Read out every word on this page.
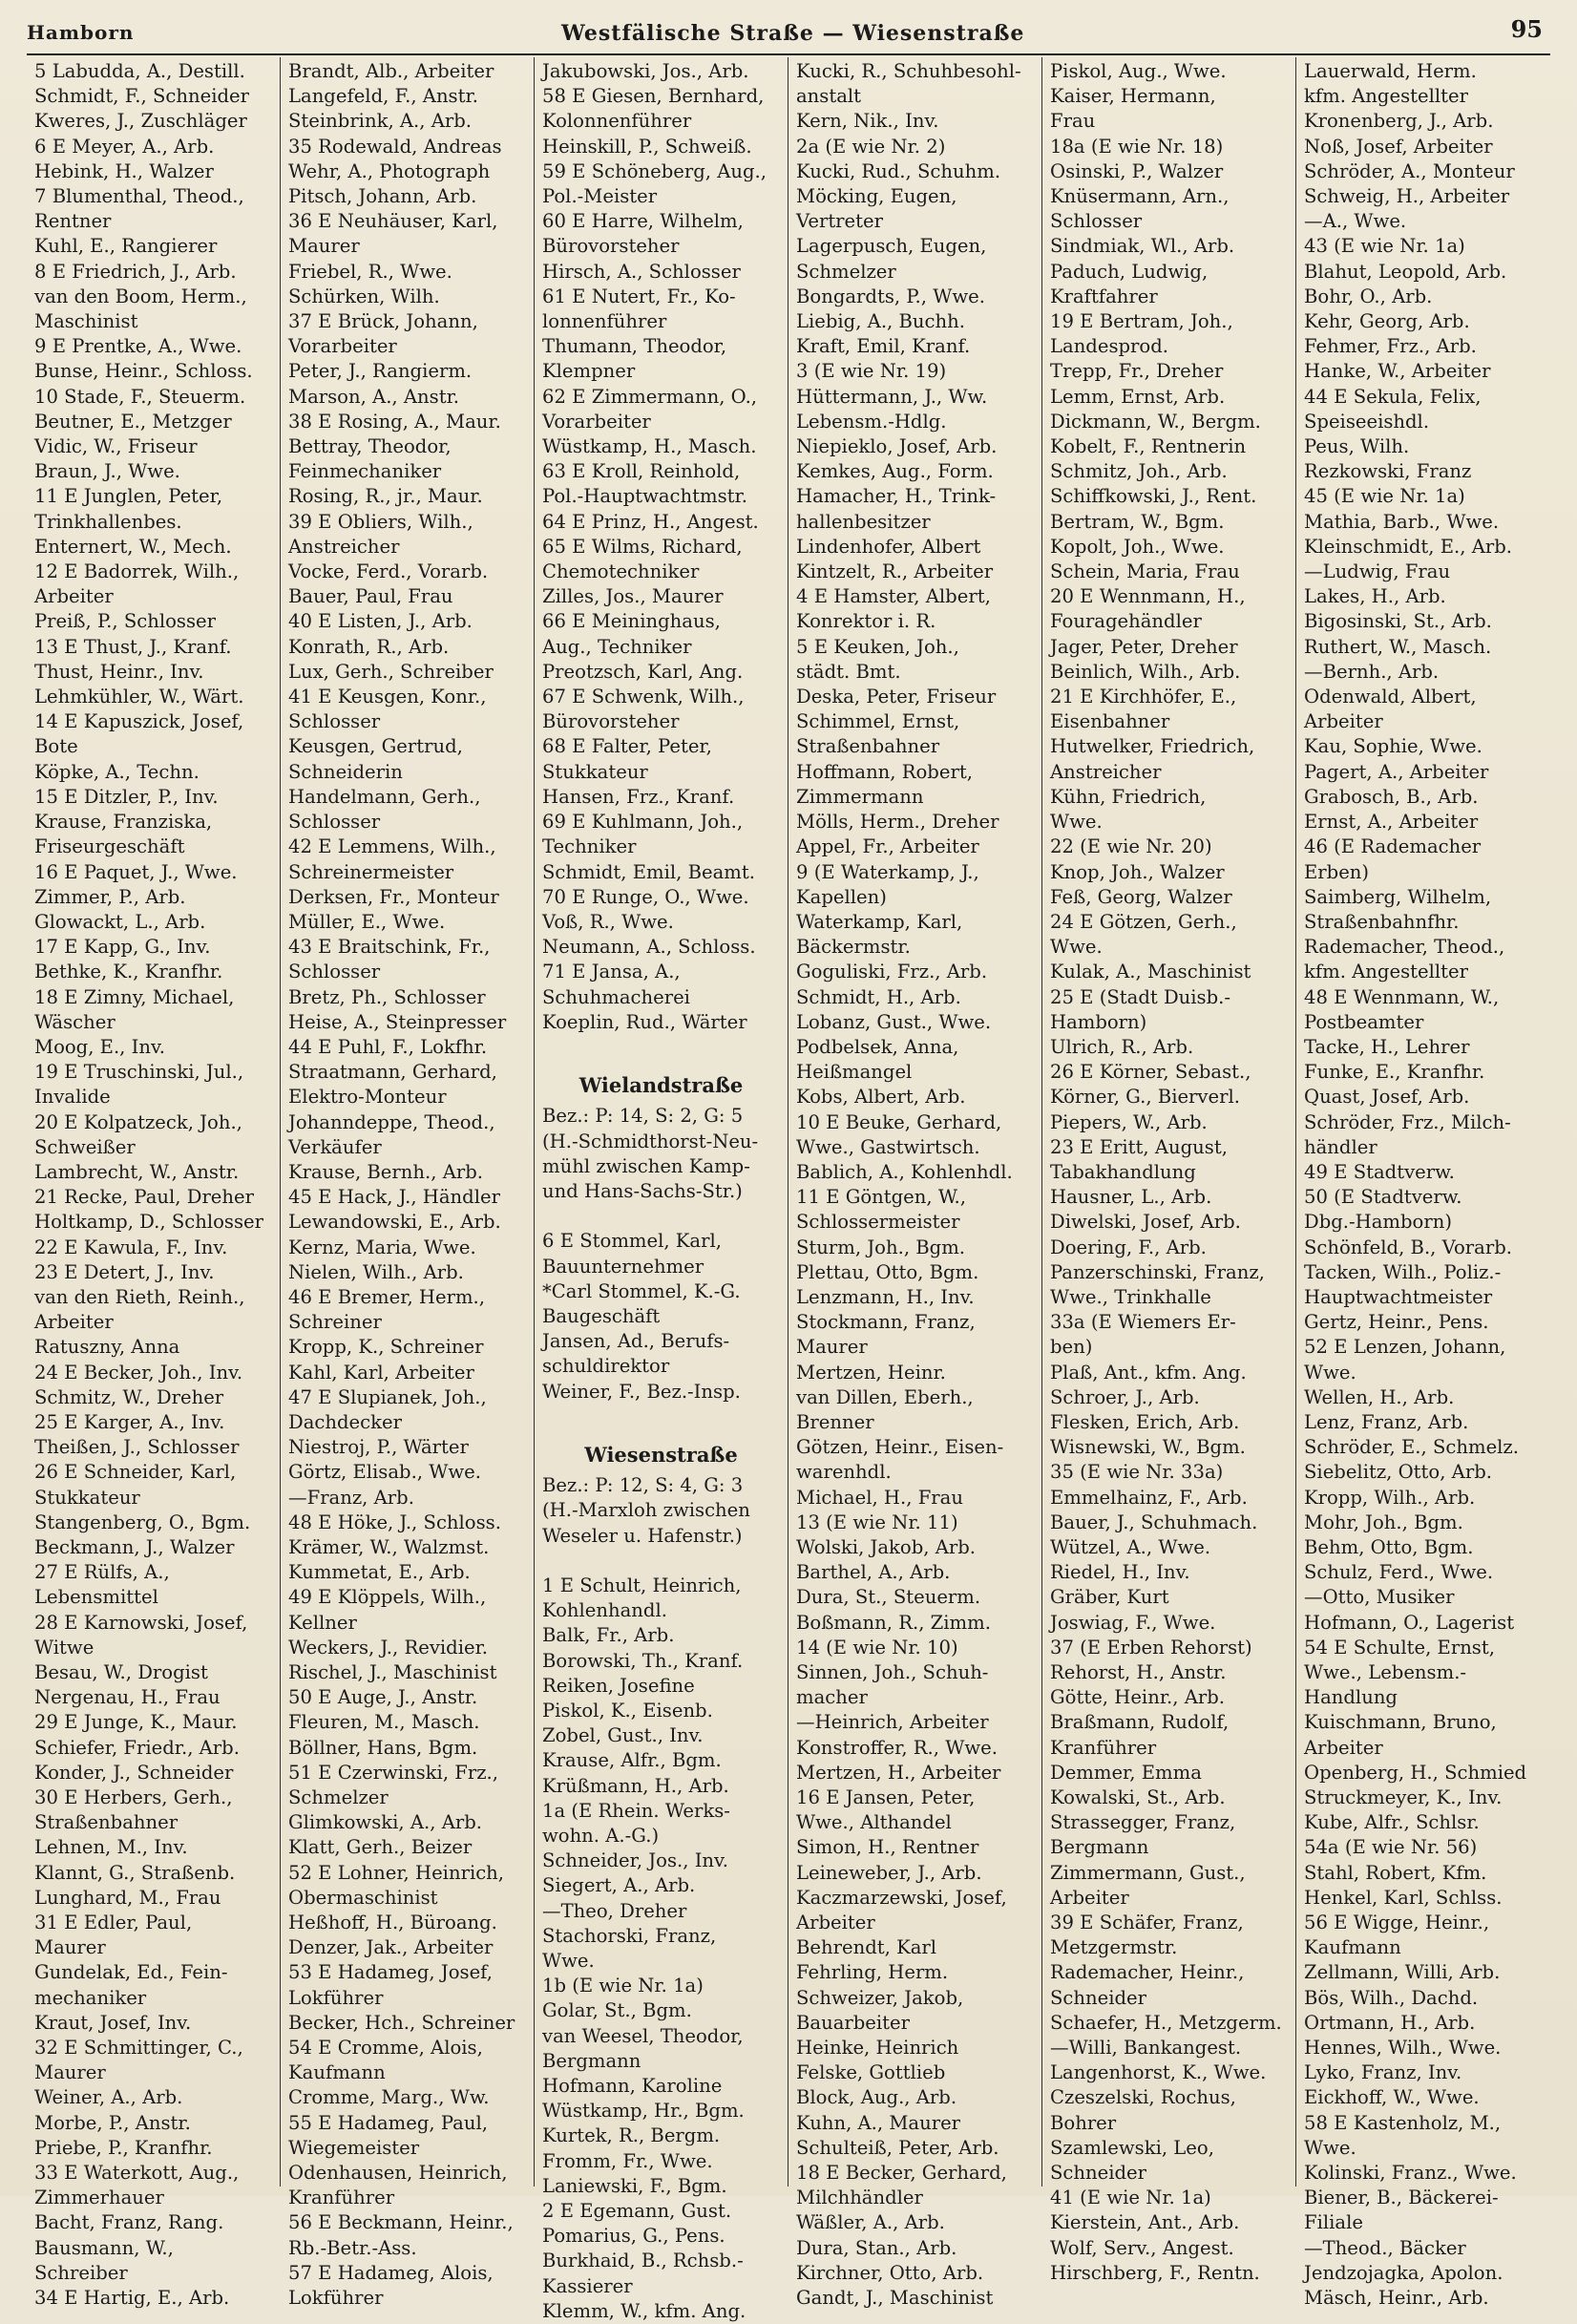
Hamborn	Westfälische Straße — Wiesenstraße	95
5 Labudda, A., Destill.
Schmidt, F., Schneider
Kweres, J., Zuschläger
6 E Meyer, A., Arb.
Hebink, H., Walzer
7 Blumenthal, Theod.,
Rentner
Kuhl, E., Rangierer
8 E Friedrich, J., Arb.
van den Boom, Herm.,
Maschinist
9 E Prentke, A., Wwe.
Bunse, Heinr., Schloss.
10 Stade, F., Steuerm.
Beutner, E., Metzger
Vidic, W., Friseur
Braun, J., Wwe.
11 E Junglen, Peter,
Trinkhallenbes.
Enternert, W., Mech.
12 E Badorrek, Wilh.,
Arbeiter
Preiß, P., Schlosser
13 E Thust, J., Kranf.
Thust, Heinr., Inv.
Lehmkühler, W., Wärt.
14 E Kapuszick, Josef,
Bote
Köpke, A., Techn.
15 E Ditzler, P., Inv.
Krause, Franziska,
Friseurgeschäft
16 E Paquet, J., Wwe.
Zimmer, P., Arb.
Glowackt, L., Arb.
17 E Kapp, G., Inv.
Bethke, K., Kranfhr.
18 E Zimny, Michael,
Wäscher
Moog, E., Inv.
19 E Truschinski, Jul.,
Invalide
20 E Kolpatzeck, Joh.,
Schweißer
Lambrecht, W., Anstr.
21 Recke, Paul, Dreher
Holtkamp, D., Schlosser
22 E Kawula, F., Inv.
23 E Detert, J., Inv.
van den Rieth, Reinh.,
Arbeiter
Ratuszny, Anna
24 E Becker, Joh., Inv.
Schmitz, W., Dreher
25 E Karger, A., Inv.
Theißen, J., Schlosser
26 E Schneider, Karl,
Stukkateur
Stangenberg, O., Bgm.
Beckmann, J., Walzer
27 E Rülfs, A.,
Lebensmittel
28 E Karnowski, Josef,
Witwe
Besau, W., Drogist
Nergenau, H., Frau
29 E Junge, K., Maur.
Schiefer, Friedr., Arb.
Konder, J., Schneider
30 E Herbers, Gerh.,
Straßenbahner
Lehnen, M., Inv.
Klannt, G., Straßenb.
Lunghard, M., Frau
31 E Edler, Paul,
Maurer
Gundelak, Ed., Fein-
mechaniker
Kraut, Josef, Inv.
32 E Schmittinger, C.,
Maurer
Weiner, A., Arb.
Morbe, P., Anstr.
Priebe, P., Kranfhr.
33 E Waterkott, Aug.,
Zimmerhauer
Bacht, Franz, Rang.
Bausmann, W.,
Schreiber
34 E Hartig, E., Arb.
Brandt, Alb., Arbeiter
Langefeld, F., Anstr.
Steinbrink, A., Arb.
35 Rodewald, Andreas
Wehr, A., Photograph
Pitsch, Johann, Arb.
36 E Neuhäuser, Karl,
Maurer
Friebel, R., Wwe.
Schürken, Wilh.
37 E Brück, Johann,
Vorarbeiter
Peter, J., Rangierm.
Marson, A., Anstr.
38 E Rosing, A., Maur.
Bettray, Theodor,
Feinmechaniker
Rosing, R., jr., Maur.
39 E Obliers, Wilh.,
Anstreicher
Vocke, Ferd., Vorarb.
Bauer, Paul, Frau
40 E Listen, J., Arb.
Konrath, R., Arb.
Lux, Gerh., Schreiber
41 E Keusgen, Konr.,
Schlosser
Keusgen, Gertrud,
Schneiderin
Handelmann, Gerh.,
Schlosser
42 E Lemmens, Wilh.,
Schreinermeister
Derksen, Fr., Monteur
Müller, E., Wwe.
43 E Braitschink, Fr.,
Schlosser
Bretz, Ph., Schlosser
Heise, A., Steinpresser
44 E Puhl, F., Lokfhr.
Straatmann, Gerhard,
Elektro-Monteur
Johanndeppe, Theod.,
Verkäufer
Krause, Bernh., Arb.
45 E Hack, J., Händler
Lewandowski, E., Arb.
Kernz, Maria, Wwe.
Nielen, Wilh., Arb.
46 E Bremer, Herm.,
Schreiner
Kropp, K., Schreiner
Kahl, Karl, Arbeiter
47 E Slupianek, Joh.,
Dachdecker
Niestroj, P., Wärter
Görtz, Elisab., Wwe.
—Franz, Arb.
48 E Höke, J., Schloss.
Krämer, W., Walzmst.
Kummetat, E., Arb.
49 E Klöppels, Wilh.,
Kellner
Weckers, J., Revidier.
Rischel, J., Maschinist
50 E Auge, J., Anstr.
Fleuren, M., Masch.
Böllner, Hans, Bgm.
51 E Czerwinski, Frz.,
Schmelzer
Glimkowski, A., Arb.
Klatt, Gerh., Beizer
52 E Lohner, Heinrich,
Obermaschinist
Heßhoff, H., Büroang.
Denzer, Jak., Arbeiter
53 E Hadameg, Josef,
Lokführer
Becker, Hch., Schreiner
54 E Cromme, Alois,
Kaufmann
Cromme, Marg., Ww.
55 E Hadameg, Paul,
Wiegemeister
Odenhausen, Heinrich,
Kranführer
56 E Beckmann, Heinr.,
Rb.-Betr.-Ass.
57 E Hadameg, Alois,
Lokführer
Jakubowski, Jos., Arb.
58 E Giesen, Bernhard,
Kolonnenführer
Heinskill, P., Schweiß.
59 E Schöneberg, Aug.,
Pol.-Meister
60 E Harre, Wilhelm,
Bürovorsteher
Hirsch, A., Schlosser
61 E Nutert, Fr., Ko-
lonnenführer
Thumann, Theodor,
Klempner
62 E Zimmermann, O.,
Vorarbeiter
Wüstkamp, H., Masch.
63 E Kroll, Reinhold,
Pol.-Hauptwachtmstr.
64 E Prinz, H., Angest.
65 E Wilms, Richard,
Chemotechniker
Zilles, Jos., Maurer
66 E Meininghaus,
Aug., Techniker
Preotzsch, Karl, Ang.
67 E Schwenk, Wilh.,
Bürovorsteher
68 E Falter, Peter,
Stukkateur
Hansen, Frz., Kranf.
69 E Kuhlmann, Joh.,
Techniker
Schmidt, Emil, Beamt.
70 E Runge, O., Wwe.
Voß, R., Wwe.
Neumann, A., Schloss.
71 E Jansa, A.,
Schuhmacherei
Koeplin, Rud., Wärter

Wielandstraße
Bez.: P: 14, S: 2, G: 5
(H.-Schmidthorst-Neu-
mühl zwischen Kamp-
und Hans-Sachs-Str.)

6 E Stommel, Karl,
Bauunternehmer
*Carl Stommel, K.-G.
Baugeschäft
Jansen, Ad., Berufs-
schuldirektor
Weiner, F., Bez.-Insp.

Wiesenstraße
Bez.: P: 12, S: 4, G: 3
(H.-Marxloh zwischen
Weseler u. Hafenstr.)

1 E Schult, Heinrich,
Kohlenhandl.
Balk, Fr., Arb.
Borowski, Th., Kranf.
Reiken, Josefine
Piskol, K., Eisenb.
Zobel, Gust., Inv.
Krause, Alfr., Bgm.
Krüßmann, H., Arb.
1a (E Rhein. Werks-
wohn. A.-G.)
Schneider, Jos., Inv.
Siegert, A., Arb.
—Theo, Dreher
Stachorski, Franz,
Wwe.
1b (E wie Nr. 1a)
Golar, St., Bgm.
van Weesel, Theodor,
Bergmann
Hofmann, Karoline
Wüstkamp, Hr., Bgm.
Kurtek, R., Bergm.
Fromm, Fr., Wwe.
Laniewski, F., Bgm.
2 E Egemann, Gust.
Pomarius, G., Pens.
Burkhaid, B., Rchsb.-
Kassierer
Klemm, W., kfm. Ang.
Kucki, R., Schuhbesohl-
anstalt
Kern, Nik., Inv.
2a (E wie Nr. 2)
Kucki, Rud., Schuhm.
Möcking, Eugen,
Vertreter
Lagerpusch, Eugen,
Schmelzer
Bongardts, P., Wwe.
Liebig, A., Buchh.
Kraft, Emil, Kranf.
3 (E wie Nr. 19)
Hüttermann, J., Ww.
Lebensm.-Hdlg.
Niepieklo, Josef, Arb.
Kemkes, Aug., Form.
Hamacher, H., Trink-
hallenbesitzer
Lindenhofer, Albert
Kintzelt, R., Arbeiter
4 E Hamster, Albert,
Konrektor i. R.
5 E Keuken, Joh.,
städt. Bmt.
Deska, Peter, Friseur
Schimmel, Ernst,
Straßenbahner
Hoffmann, Robert,
Zimmermann
Mölls, Herm., Dreher
Appel, Fr., Arbeiter
9 (E Waterkamp, J.,
Kapellen)
Waterkamp, Karl,
Bäckermstr.
Goguliski, Frz., Arb.
Schmidt, H., Arb.
Lobanz, Gust., Wwe.
Podbelsek, Anna,
Heißmangel
Kobs, Albert, Arb.
10 E Beuke, Gerhard,
Wwe., Gastwirtsch.
Bablich, A., Kohlenhdl.
11 E Göntgen, W.,
Schlossermeister
Sturm, Joh., Bgm.
Plettau, Otto, Bgm.
Lenzmann, H., Inv.
Stockmann, Franz,
Maurer
Mertzen, Heinr.
van Dillen, Eberh.,
Brenner
Götzen, Heinr., Eisen-
warenhdl.
Michael, H., Frau
13 (E wie Nr. 11)
Wolski, Jakob, Arb.
Barthel, A., Arb.
Dura, St., Steuerm.
Boßmann, R., Zimm.
14 (E wie Nr. 10)
Sinnen, Joh., Schuh-
macher
—Heinrich, Arbeiter
Konstroffer, R., Wwe.
Mertzen, H., Arbeiter
16 E Jansen, Peter,
Wwe., Althandel
Simon, H., Rentner
Leineweber, J., Arb.
Kaczmarzewski, Josef,
Arbeiter
Behrendt, Karl
Fehrling, Herm.
Schweizer, Jakob,
Bauarbeiter
Heinke, Heinrich
Felske, Gottlieb
Block, Aug., Arb.
Kuhn, A., Maurer
Schulteiß, Peter, Arb.
18 E Becker, Gerhard,
Milchhändler
Wäßler, A., Arb.
Dura, Stan., Arb.
Kirchner, Otto, Arb.
Gandt, J., Maschinist
Piskol, Aug., Wwe.
Kaiser, Hermann,
Frau
18a (E wie Nr. 18)
Osinski, P., Walzer
Knüsermann, Arn.,
Schlosser
Sindmiak, Wl., Arb.
Paduch, Ludwig,
Kraftfahrer
19 E Bertram, Joh.,
Landesprod.
Trepp, Fr., Dreher
Lemm, Ernst, Arb.
Dickmann, W., Bergm.
Kobelt, F., Rentnerin
Schmitz, Joh., Arb.
Schiffkowski, J., Rent.
Bertram, W., Bgm.
Kopolt, Joh., Wwe.
Schein, Maria, Frau
20 E Wennmann, H.,
Fouragehändler
Jager, Peter, Dreher
Beinlich, Wilh., Arb.
21 E Kirchhöfer, E.,
Eisenbahner
Hutwelker, Friedrich,
Anstreicher
Kühn, Friedrich,
Wwe.
22 (E wie Nr. 20)
Knop, Joh., Walzer
Feß, Georg, Walzer
24 E Götzen, Gerh.,
Wwe.
Kulak, A., Maschinist
25 E (Stadt Duisb.-
Hamborn)
Ulrich, R., Arb.
26 E Körner, Sebast.,
Körner, G., Bierverl.
Piepers, W., Arb.
23 E Eritt, August,
Tabakhandlung
Hausner, L., Arb.
Diwelski, Josef, Arb.
Doering, F., Arb.
Panzerschinski, Franz,
Wwe., Trinkhalle
33a (E Wiemers Er-
ben)
Plaß, Ant., kfm. Ang.
Schroer, J., Arb.
Flesken, Erich, Arb.
Wisnewski, W., Bgm.
35 (E wie Nr. 33a)
Emmelhainz, F., Arb.
Bauer, J., Schuhmach.
Wützel, A., Wwe.
Riedel, H., Inv.
Gräber, Kurt
Joswiag, F., Wwe.
37 (E Erben Rehorst)
Rehorst, H., Anstr.
Götte, Heinr., Arb.
Braßmann, Rudolf,
Kranführer
Demmer, Emma
Kowalski, St., Arb.
Strassegger, Franz,
Bergmann
Zimmermann, Gust.,
Arbeiter
39 E Schäfer, Franz,
Metzgermstr.
Rademacher, Heinr.,
Schneider
Schaefer, H., Metzgerm.
—Willi, Bankangest.
Langenhorst, K., Wwe.
Czeszelski, Rochus,
Bohrer
Szamlewski, Leo,
Schneider
41 (E wie Nr. 1a)
Kierstein, Ant., Arb.
Wolf, Serv., Angest.
Hirschberg, F., Rentn.
Lauerwald, Herm.
kfm. Angestellter
Kronenberg, J., Arb.
Noß, Josef, Arbeiter
Schröder, A., Monteur
Schweig, H., Arbeiter
—A., Wwe.
43 (E wie Nr. 1a)
Blahut, Leopold, Arb.
Bohr, O., Arb.
Kehr, Georg, Arb.
Fehmer, Frz., Arb.
Hanke, W., Arbeiter
44 E Sekula, Felix,
Speiseeishdl.
Peus, Wilh.
Rezkowski, Franz
45 (E wie Nr. 1a)
Mathia, Barb., Wwe.
Kleinschmidt, E., Arb.
—Ludwig, Frau
Lakes, H., Arb.
Bigosinski, St., Arb.
Ruthert, W., Masch.
—Bernh., Arb.
Odenwald, Albert,
Arbeiter
Kau, Sophie, Wwe.
Pagert, A., Arbeiter
Grabosch, B., Arb.
Ernst, A., Arbeiter
46 (E Rademacher
Erben)
Saimberg, Wilhelm,
Straßenbahnfhr.
Rademacher, Theod.,
kfm. Angestellter
48 E Wennmann, W.,
Postbeamter
Tacke, H., Lehrer
Funke, E., Kranfhr.
Quast, Josef, Arb.
Schröder, Frz., Milch-
händler
49 E Stadtverw.
50 (E Stadtverw.
Dbg.-Hamborn)
Schönfeld, B., Vorarb.
Tacken, Wilh., Poliz.-
Hauptwachtmeister
Gertz, Heinr., Pens.
52 E Lenzen, Johann,
Wwe.
Wellen, H., Arb.
Lenz, Franz, Arb.
Schröder, E., Schmelz.
Siebelitz, Otto, Arb.
Kropp, Wilh., Arb.
Mohr, Joh., Bgm.
Behm, Otto, Bgm.
Schulz, Ferd., Wwe.
—Otto, Musiker
Hofmann, O., Lagerist
54 E Schulte, Ernst,
Wwe., Lebensm.-
Handlung
Kuischmann, Bruno,
Arbeiter
Openberg, H., Schmied
Struckmeyer, K., Inv.
Kube, Alfr., Schlsr.
54a (E wie Nr. 56)
Stahl, Robert, Kfm.
Henkel, Karl, Schlss.
56 E Wigge, Heinr.,
Kaufmann
Zellmann, Willi, Arb.
Bös, Wilh., Dachd.
Ortmann, H., Arb.
Hennes, Wilh., Wwe.
Lyko, Franz, Inv.
Eickhoff, W., Wwe.
58 E Kastenholz, M.,
Wwe.
Kolinski, Franz., Wwe.
Biener, B., Bäckerei-
Filiale
—Theod., Bäcker
Jendzojagka, Apolon.
Mäsch, Heinr., Arb.
